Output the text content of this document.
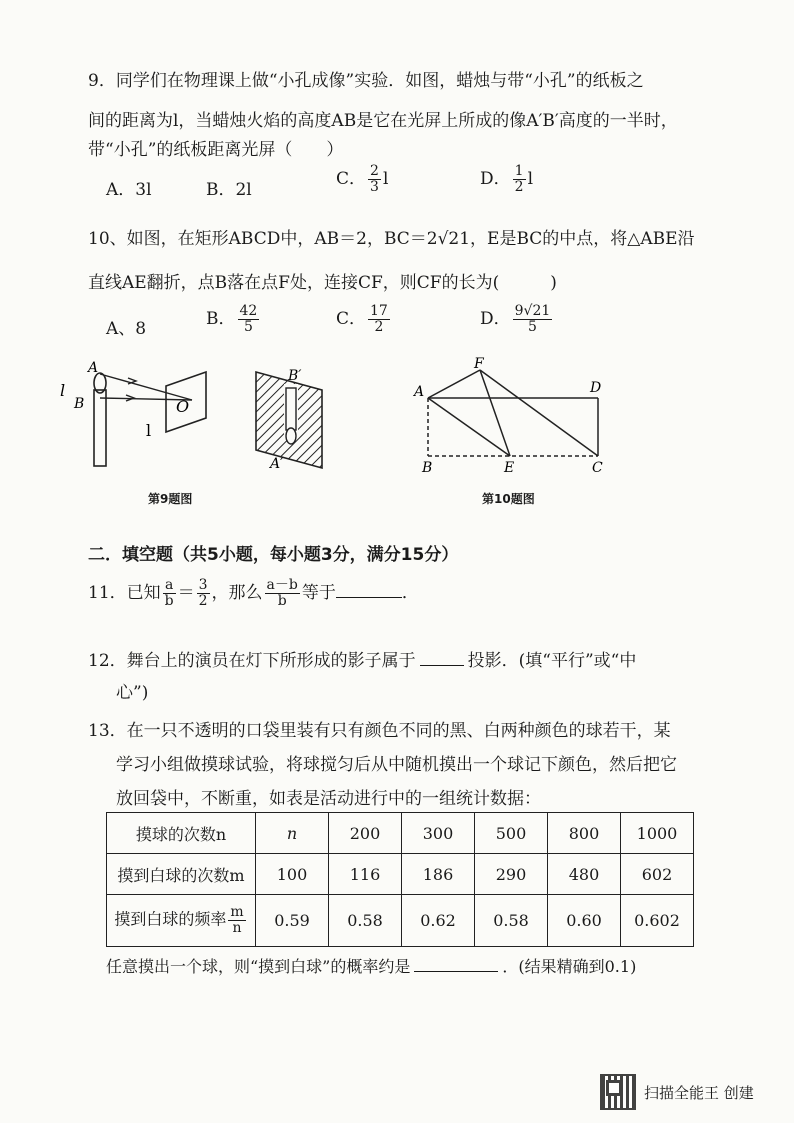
9．同学们在物理课上做“小孔成像”实验．如图，蜡烛与带“小孔”的纸板之
间的距离为l，当蜡烛火焰的高度AB是它在光屏上所成的像A′B′高度的一半时，
带“小孔”的纸板距离光屏（　　）
A．3l	B．2l
C． $\frac{2}{3}$ l	D． $\frac{1}{2}$ l
10、如图，在矩形ABCD中，AB＝2，BC＝2√21，E是BC的中点，将△ABE沿
直线AE翻折，点B落在点F处，连接CF，则CF的长为(　　　)
A、8	B． $\frac{42}{5}$	C． $\frac{17}{2}$	D． $\frac{9√21}{5}$
O
A
B
l
l
B′
A′
A
F
D
B	E	C
第9题图	第10题图
二．填空题（共5小题，每小题3分，满分15分）
11．已知 $\frac{a}{b} = \frac{3}{2}$ ，那么 $\frac{a-b}{b}$ 等于	．
12．舞台上的演员在灯下所形成的影子属于	投影．(填“平行”或“中
心”)
13．在一只不透明的口袋里装有只有颜色不同的黑、白两种颜色的球若干，某
学习小组做摸球试验，将球搅匀后从中随机摸出一个球记下颜色，然后把它
放回袋中，不断重，如表是活动进行中的一组统计数据：
摸球的次数n	n	200	300	500	800	1000
摸到白球的次数m	100	116	186	290	480	602
摸到白球的频率 $\frac{m}{n}$	0.59	0.58	0.62	0.58	0.60	0.602
任意摸出一个球，则“摸到白球”的概率约是	．(结果精确到0.1)
扫描全能王 创建
